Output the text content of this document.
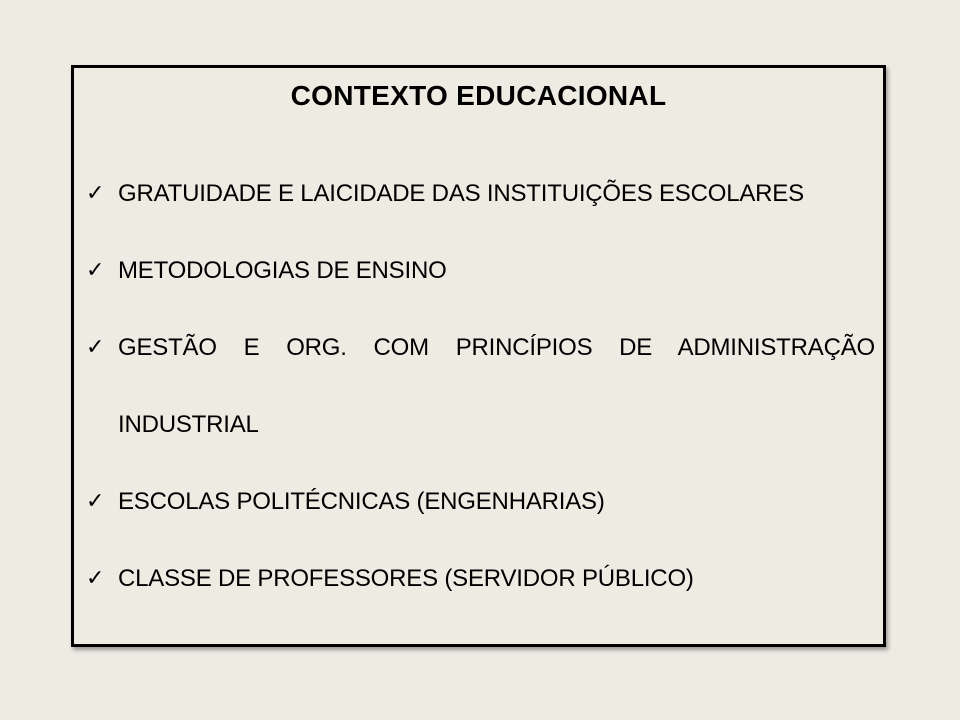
CONTEXTO EDUCACIONAL
✓ GRATUIDADE E LAICIDADE DAS INSTITUIÇÕES ESCOLARES
✓ METODOLOGIAS DE ENSINO
✓ GESTÃO E ORG. COM PRINCÍPIOS DE ADMINISTRAÇÃO
INDUSTRIAL
✓ ESCOLAS POLITÉCNICAS (ENGENHARIAS)
✓ CLASSE DE PROFESSORES (SERVIDOR PÚBLICO)
